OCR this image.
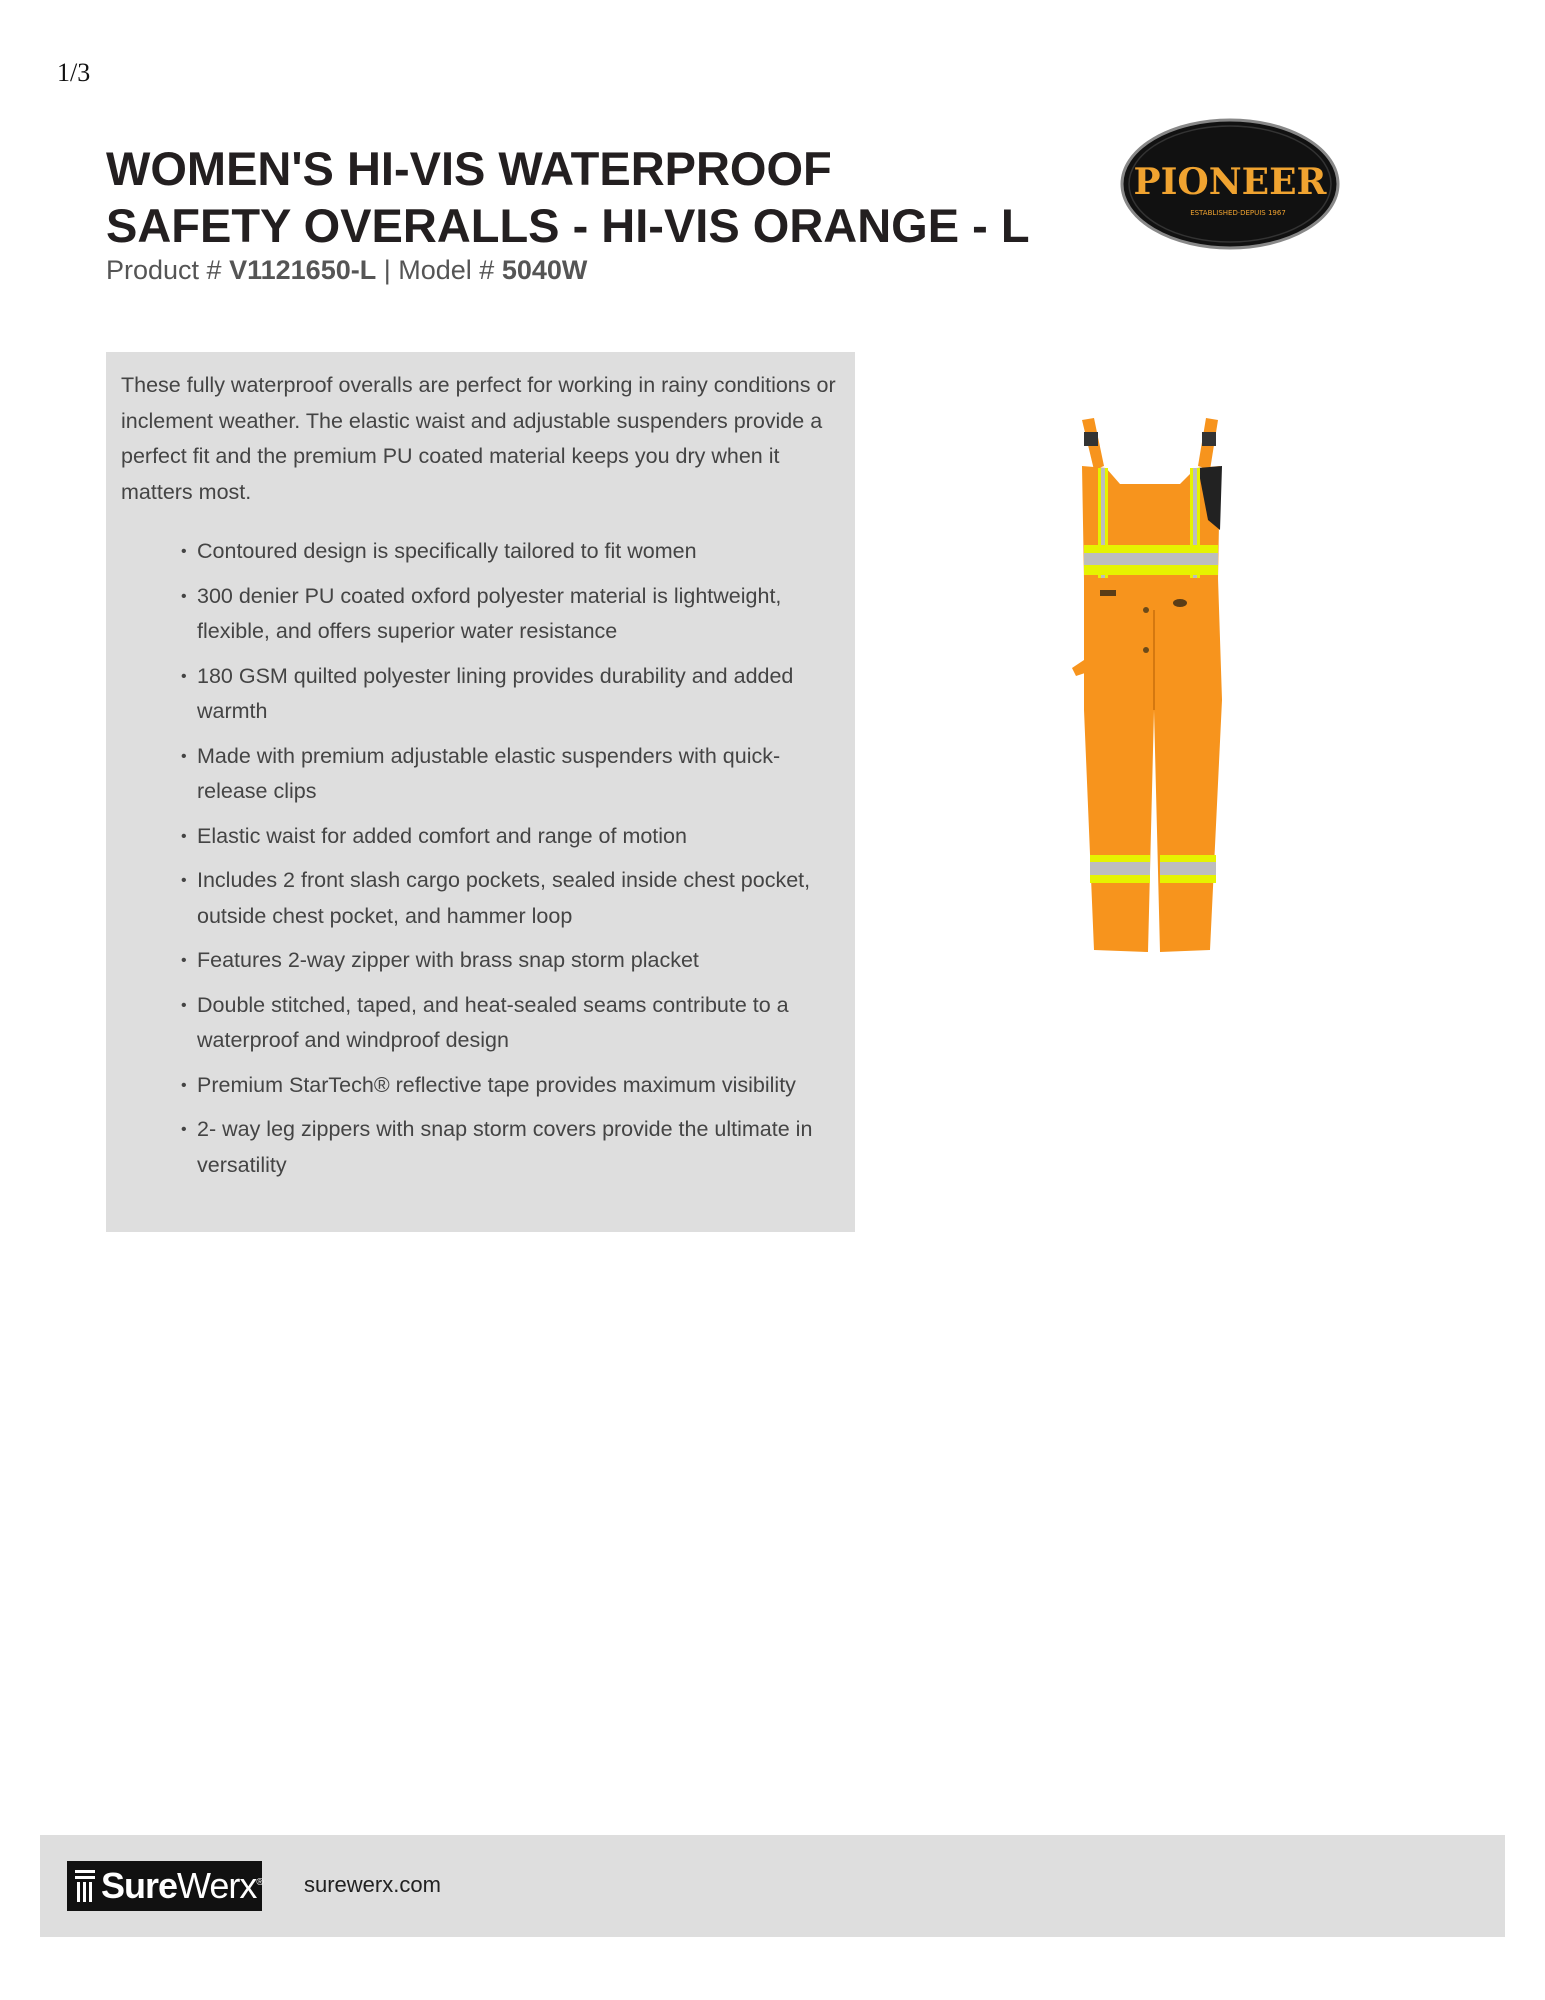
1/3
WOMEN'S HI-VIS WATERPROOF
SAFETY OVERALLS - HI-VIS ORANGE - L
Product # V1121650-L | Model # 5040W
PIONEER
ESTABLISHED·DEPUIS 1967

These fully waterproof overalls are perfect for working in rainy conditions or inclement weather. The elastic waist and adjustable suspenders provide a perfect fit and the premium PU coated material keeps you dry when it matters most.

• Contoured design is specifically tailored to fit women
• 300 denier PU coated oxford polyester material is lightweight, flexible, and offers superior water resistance
• 180 GSM quilted polyester lining provides durability and added warmth
• Made with premium adjustable elastic suspenders with quick-release clips
• Elastic waist for added comfort and range of motion
• Includes 2 front slash cargo pockets, sealed inside chest pocket, outside chest pocket, and hammer loop
• Features 2-way zipper with brass snap storm placket
• Double stitched, taped, and heat-sealed seams contribute to a waterproof and windproof design
• Premium StarTech® reflective tape provides maximum visibility
• 2- way leg zippers with snap storm covers provide the ultimate in versatility
SureWerx® surewerx.com
